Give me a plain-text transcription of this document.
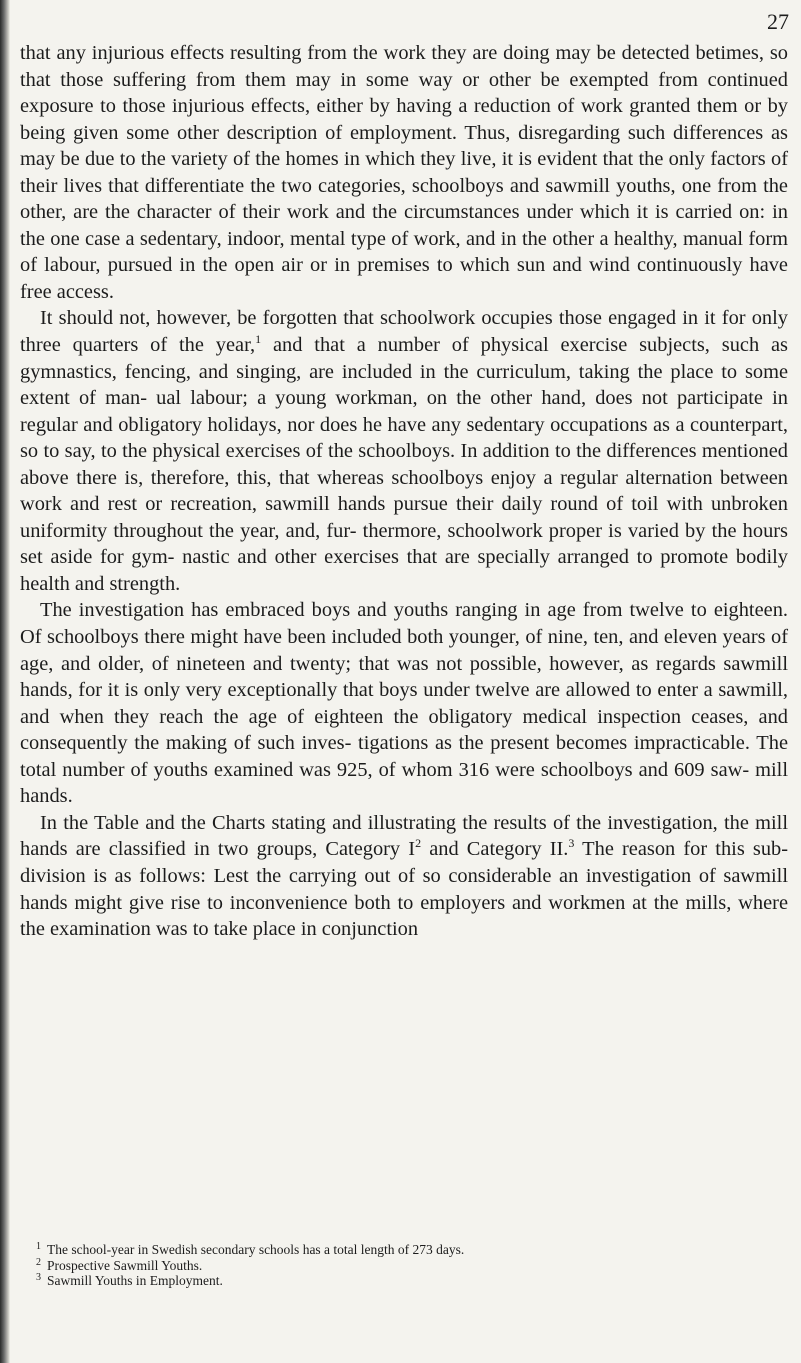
27

that any injurious effects resulting from the work they are doing may be detected betimes, so that those suffering from them may in some way or other be exempted from continued exposure to those injurious effects, either by having a reduction of work granted them or by being given some other description of employment. Thus, disregarding such differences as may be due to the variety of the homes in which they live, it is evident that the only factors of their lives that differentiate the two categories, schoolboys and sawmill youths, one from the other, are the character of their work and the circumstances under which it is carried on: in the one case a sedentary, indoor, mental type of work, and in the other a healthy, manual form of labour, pursued in the open air or in premises to which sun and wind continuously have free access.

It should not, however, be forgotten that schoolwork occupies those engaged in it for only three quarters of the year,$^1$ and that a number of physical exercise subjects, such as gymnastics, fencing, and singing, are included in the curriculum, taking the place to some extent of man- ual labour; a young workman, on the other hand, does not participate in regular and obligatory holidays, nor does he have any sedentary occupations as a counterpart, so to say, to the physical exercises of the schoolboys. In addition to the differences mentioned above there is, therefore, this, that whereas schoolboys enjoy a regular alternation between work and rest or recreation, sawmill hands pursue their daily round of toil with unbroken uniformity throughout the year, and, fur- thermore, schoolwork proper is varied by the hours set aside for gym- nastic and other exercises that are specially arranged to promote bodily health and strength.

The investigation has embraced boys and youths ranging in age from twelve to eighteen. Of schoolboys there might have been included both younger, of nine, ten, and eleven years of age, and older, of nineteen and twenty; that was not possible, however, as regards sawmill hands, for it is only very exceptionally that boys under twelve are allowed to enter a sawmill, and when they reach the age of eighteen the obligatory medical inspection ceases, and consequently the making of such inves- tigations as the present becomes impracticable. The total number of youths examined was 925, of whom 316 were schoolboys and 609 saw- mill hands.

In the Table and the Charts stating and illustrating the results of the investigation, the mill hands are classified in two groups, Category $I^2$ and Category II.$^3$ The reason for this sub-division is as follows: Lest the carrying out of so considerable an investigation of sawmill hands might give rise to inconvenience both to employers and workmen at the mills, where the examination was to take place in conjunction

$^1$ The school-year in Swedish secondary schools has a total length of 273 days.

$^2$ Prospective Sawmill Youths.

$^3$ Sawmill Youths in Employment.
